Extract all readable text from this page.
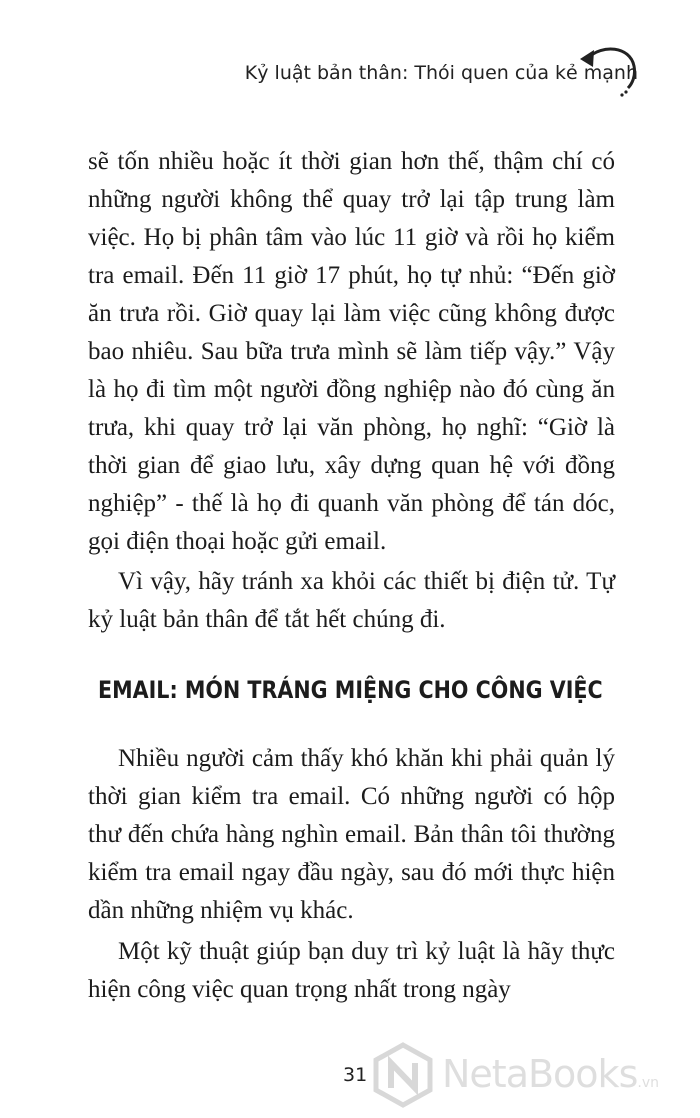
Kỷ luật bản thân: Thói quen của kẻ mạnh

sẽ tốn nhiều hoặc ít thời gian hơn thế, thậm chí có những người không thể quay trở lại tập trung làm việc. Họ bị phân tâm vào lúc 11 giờ và rồi họ kiểm tra email. Đến 11 giờ 17 phút, họ tự nhủ: “Đến giờ ăn trưa rồi. Giờ quay lại làm việc cũng không được bao nhiêu. Sau bữa trưa mình sẽ làm tiếp vậy.” Vậy là họ đi tìm một người đồng nghiệp nào đó cùng ăn trưa, khi quay trở lại văn phòng, họ nghĩ: “Giờ là thời gian để giao lưu, xây dựng quan hệ với đồng nghiệp” - thế là họ đi quanh văn phòng để tán dóc, gọi điện thoại hoặc gửi email.

Vì vậy, hãy tránh xa khỏi các thiết bị điện tử. Tự kỷ luật bản thân để tắt hết chúng đi.

EMAIL: MÓN TRÁNG MIỆNG CHO CÔNG VIỆC

Nhiều người cảm thấy khó khăn khi phải quản lý thời gian kiểm tra email. Có những người có hộp thư đến chứa hàng nghìn email. Bản thân tôi thường kiểm tra email ngay đầu ngày, sau đó mới thực hiện dần những nhiệm vụ khác.

Một kỹ thuật giúp bạn duy trì kỷ luật là hãy thực hiện công việc quan trọng nhất trong ngày

31 NetaBooks.vn
